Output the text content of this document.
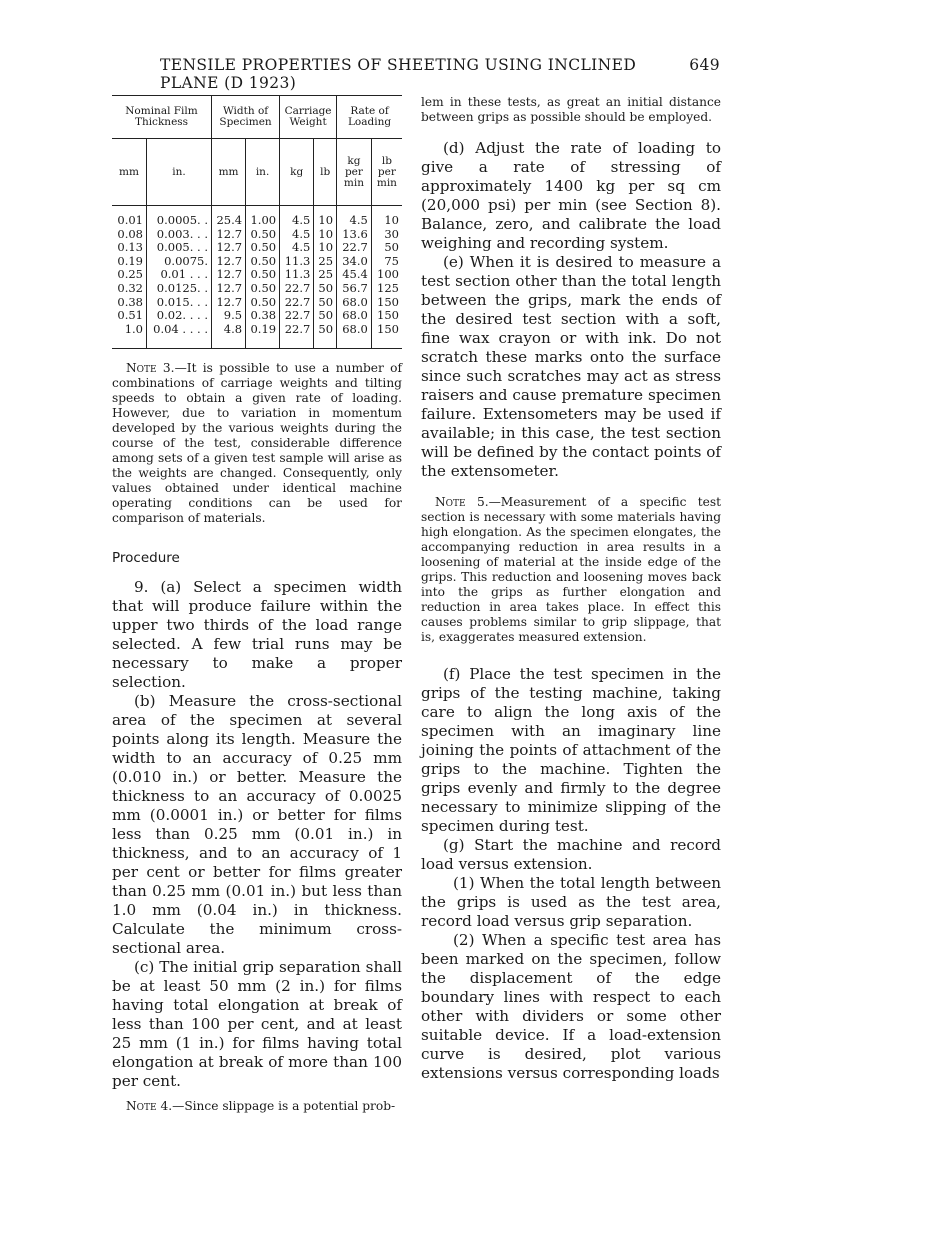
TENSILE PROPERTIES OF SHEETING USING INCLINED PLANE (D 1923)
649
Nominal Film Thickness		Width of Specimen		Carriage Weight		Rate of Loading	
mm	in.	mm	in.	kg	lb	kg per min	lb per min
0.01	0.0005. .	25.4	1.00	4.5	10	4.5	10
0.08	0.003. . .	12.7	0.50	4.5	10	13.6	30
0.13	0.005. . .	12.7	0.50	4.5	10	22.7	50
0.19	0.0075.	12.7	0.50	11.3	25	34.0	75
0.25	0.01 . . .	12.7	0.50	11.3	25	45.4	100
0.32	0.0125. .	12.7	0.50	22.7	50	56.7	125
0.38	0.015. . .	12.7	0.50	22.7	50	68.0	150
0.51	0.02. . . .	9.5	0.38	22.7	50	68.0	150
1.0	0.04 . . . .	4.8	0.19	22.7	50	68.0	150

Note 3.—It is possible to use a number of combinations of carriage weights and tilting speeds to obtain a given rate of loading. However, due to variation in momentum developed by the various weights during the course of the test, considerable difference among sets of a given test sample will arise as the weights are changed. Consequently, only values obtained under identical machine operating conditions can be used for comparison of materials.

Procedure

9. (a) Select a specimen width that will produce failure within the upper two thirds of the load range selected. A few trial runs may be necessary to make a proper selection.

(b) Measure the cross-sectional area of the specimen at several points along its length. Measure the width to an accuracy of 0.25 mm (0.010 in.) or better. Measure the thickness to an accuracy of 0.0025 mm (0.0001 in.) or better for films less than 0.25 mm (0.01 in.) in thickness, and to an accuracy of 1 per cent or better for films greater than 0.25 mm (0.01 in.) but less than 1.0 mm (0.04 in.) in thickness. Calculate the minimum cross-sectional area.

(c) The initial grip separation shall be at least 50 mm (2 in.) for films having total elongation at break of less than 100 per cent, and at least 25 mm (1 in.) for films having total elongation at break of more than 100 per cent.

Note 4.—Since slippage is a potential prob-

lem in these tests, as great an initial distance between grips as possible should be employed.

(d) Adjust the rate of loading to give a rate of stressing of approximately 1400 kg per sq cm (20,000 psi) per min (see Section 8). Balance, zero, and calibrate the load weighing and recording system.

(e) When it is desired to measure a test section other than the total length between the grips, mark the ends of the desired test section with a soft, fine wax crayon or with ink. Do not scratch these marks onto the surface since such scratches may act as stress raisers and cause premature specimen failure. Extensometers may be used if available; in this case, the test section will be defined by the contact points of the extensometer.

Note 5.—Measurement of a specific test section is necessary with some materials having high elongation. As the specimen elongates, the accompanying reduction in area results in a loosening of material at the inside edge of the grips. This reduction and loosening moves back into the grips as further elongation and reduction in area takes place. In effect this causes problems similar to grip slippage, that is, exaggerates measured extension.

(f) Place the test specimen in the grips of the testing machine, taking care to align the long axis of the specimen with an imaginary line joining the points of attachment of the grips to the machine. Tighten the grips evenly and firmly to the degree necessary to minimize slipping of the specimen during test.

(g) Start the machine and record load versus extension.

(1) When the total length between the grips is used as the test area, record load versus grip separation.

(2) When a specific test area has been marked on the specimen, follow the displacement of the edge boundary lines with respect to each other with dividers or some other suitable device. If a load-extension curve is desired, plot various extensions versus corresponding loads
